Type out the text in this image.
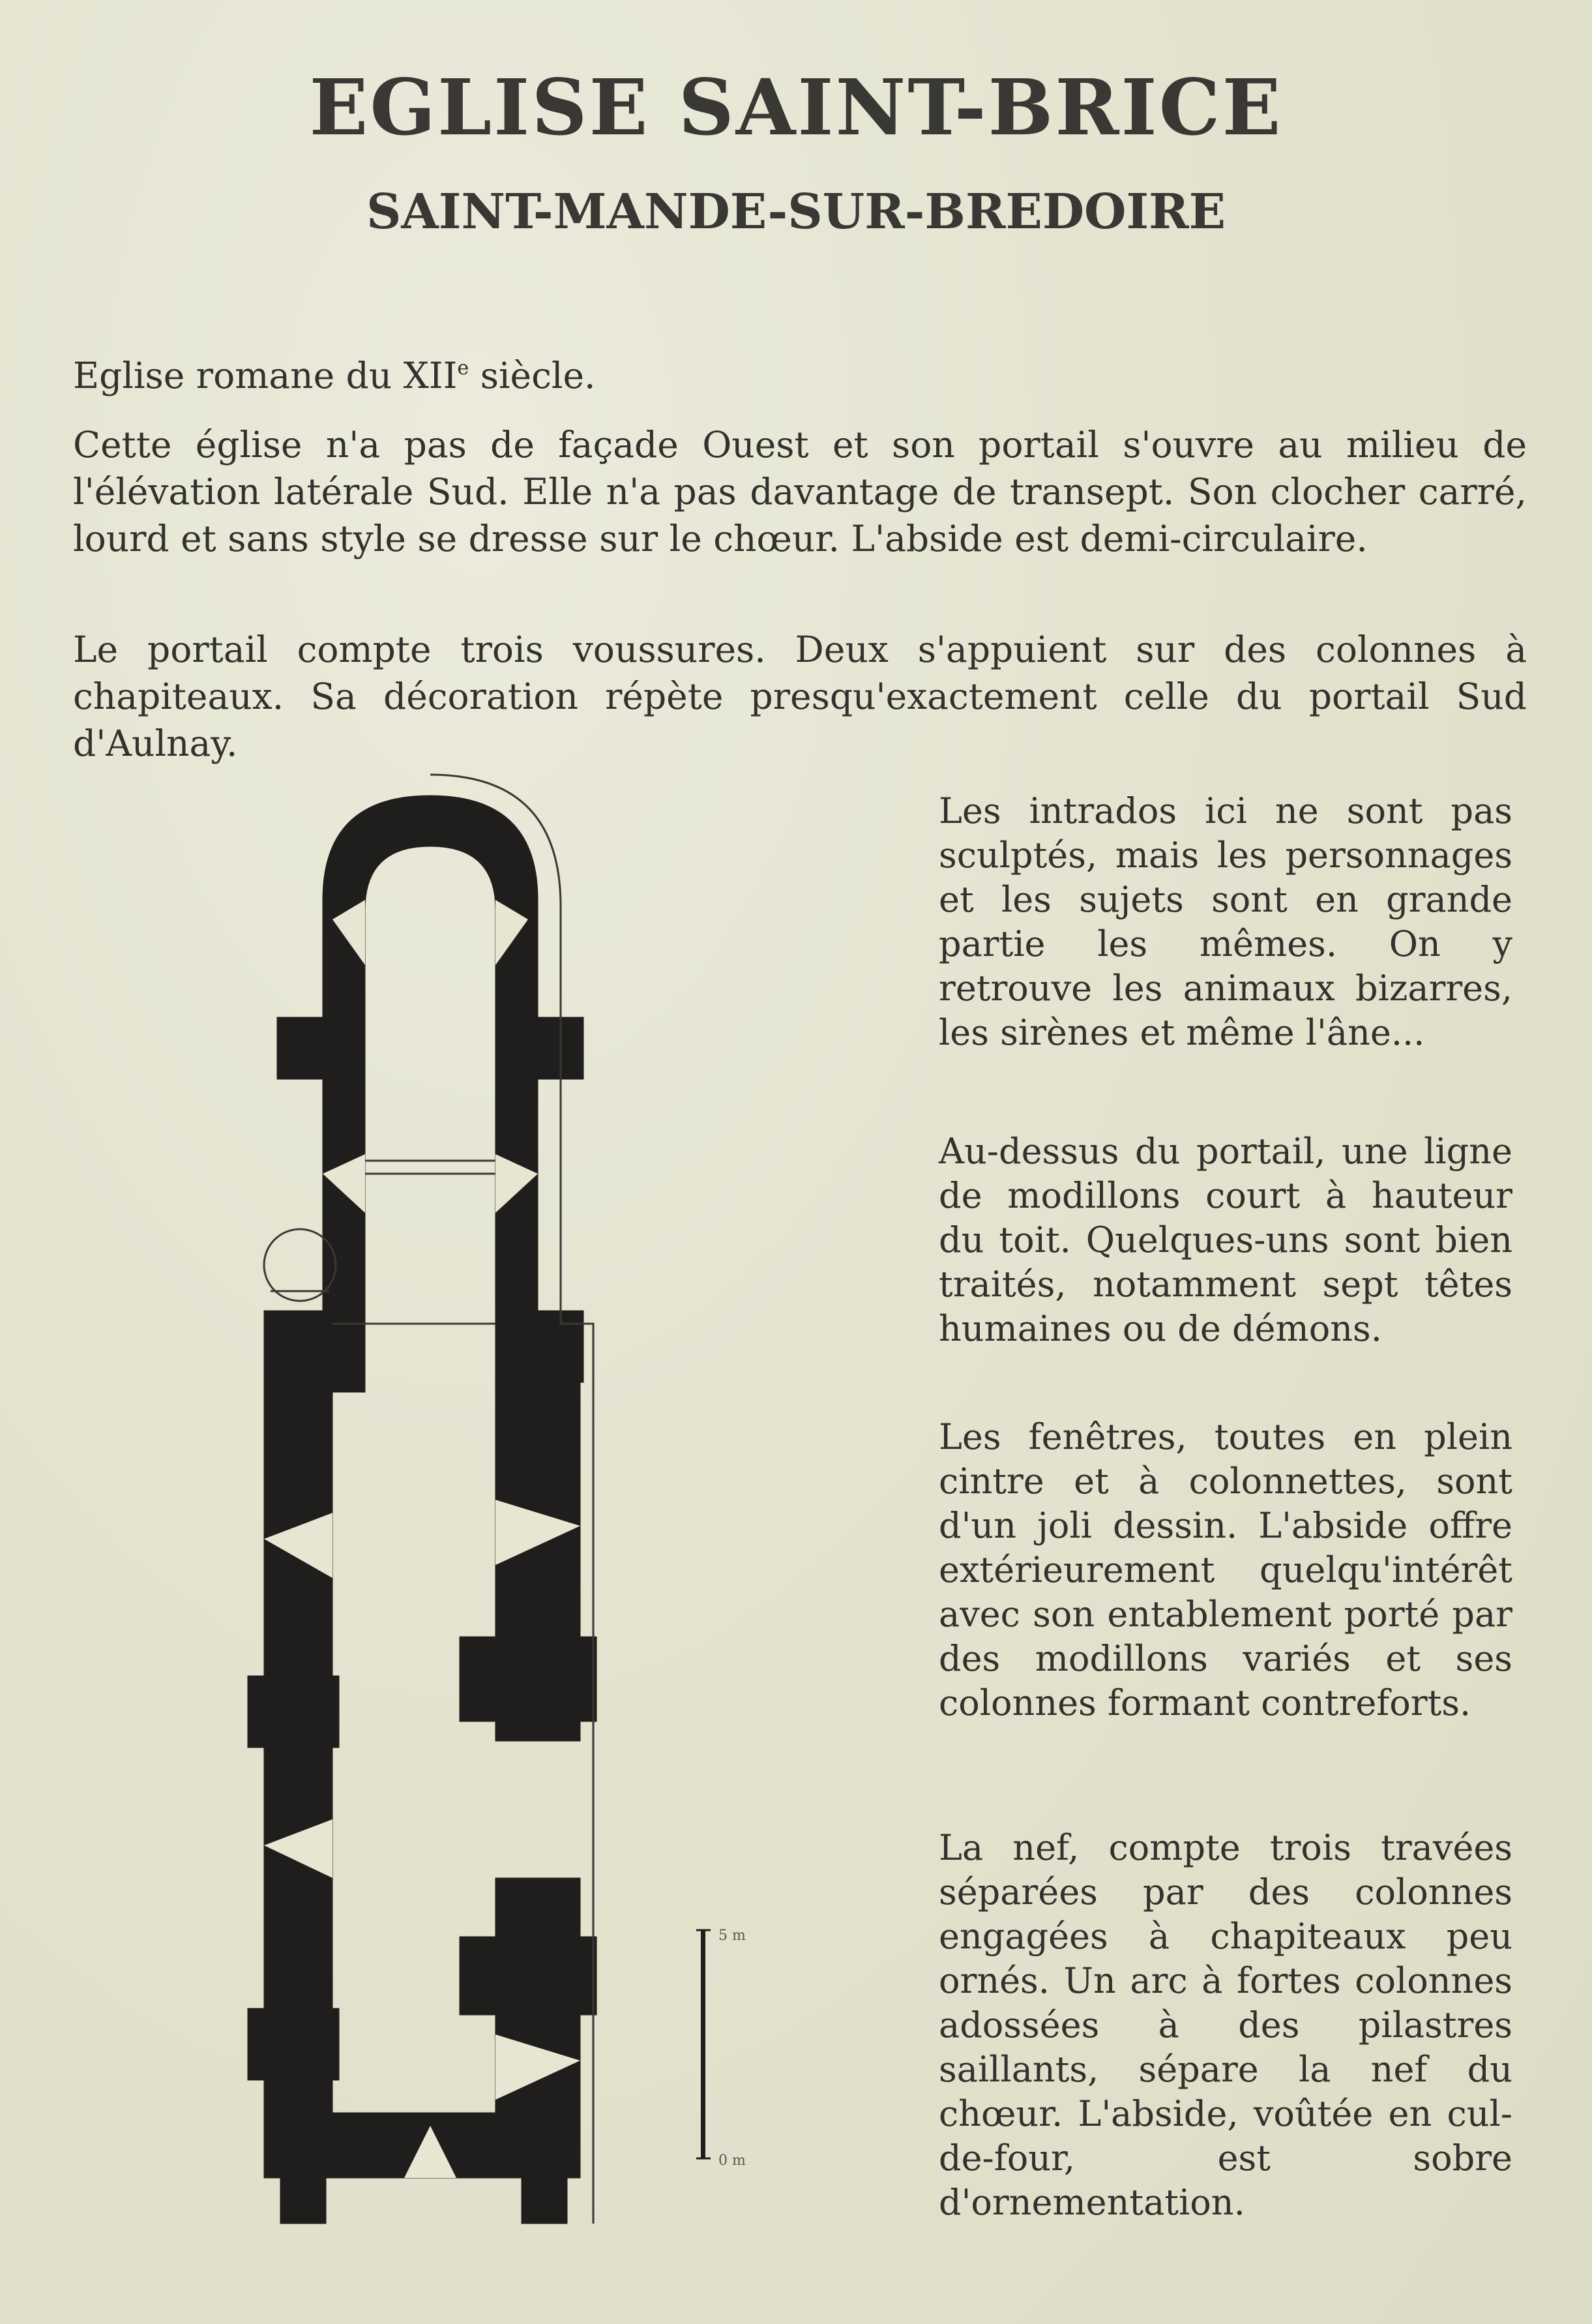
EGLISE SAINT-BRICE
SAINT-MANDE-SUR-BREDOIRE

Eglise romane du XIIe siècle.

Cette église n'a pas de façade Ouest et son portail s'ouvre au milieu de l'élévation latérale Sud. Elle n'a pas davantage de transept. Son clocher carré, lourd et sans style se dresse sur le chœur. L'abside est demi-circulaire.

Le portail compte trois voussures. Deux s'appuient sur des colonnes à chapiteaux. Sa décoration répète presqu'exactement celle du portail Sud d'Aulnay.

Les intrados ici ne sont pas sculptés, mais les personnages et les sujets sont en grande partie les mêmes. On y retrouve les animaux bizarres, les sirènes et même l'âne...

Au-dessus du portail, une ligne de modillons court à hauteur du toit. Quelques-uns sont bien traités, notamment sept têtes humaines ou de démons.

Les fenêtres, toutes en plein cintre et à colonnettes, sont d'un joli dessin. L'abside offre extérieurement quelqu'intérêt avec son entablement porté par des modillons variés et ses colonnes formant contreforts.

La nef, compte trois travées séparées par des colonnes engagées à chapiteaux peu ornés. Un arc à fortes colonnes adossées à des pilastres saillants, sépare la nef du chœur. L'abside, voûtée en cul-de-four, est sobre d'ornementation.

5 m
0 m
